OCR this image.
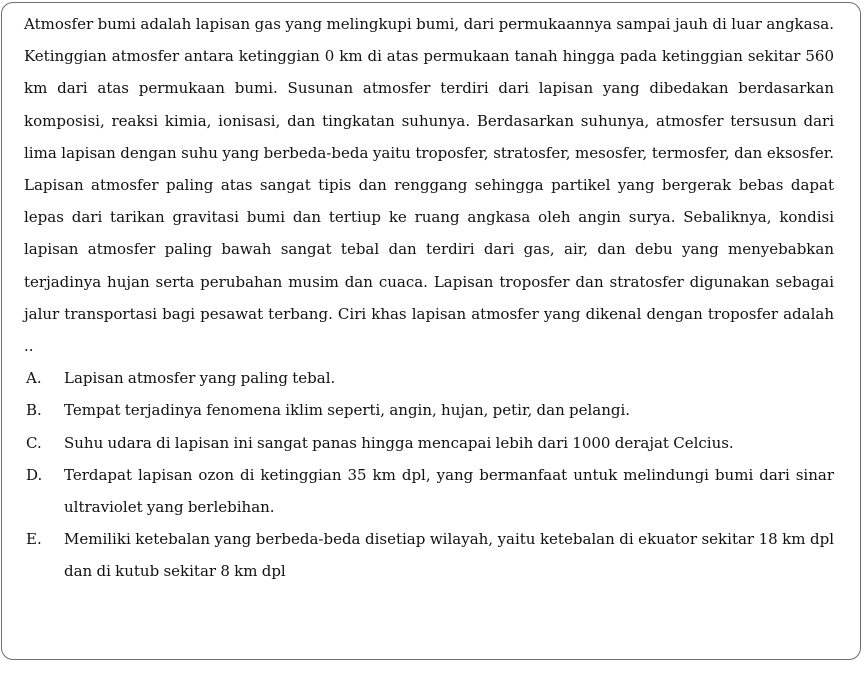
Atmosfer bumi adalah lapisan gas yang melingkupi bumi, dari permukaannya sampai jauh di luar angkasa. Ketinggian atmosfer antara ketinggian 0 km di atas permukaan tanah hingga pada ketinggian sekitar 560 km dari atas permukaan bumi. Susunan atmosfer terdiri dari lapisan yang dibedakan berdasarkan komposisi, reaksi kimia, ionisasi, dan tingkatan suhunya. Berdasarkan suhunya, atmosfer tersusun dari lima lapisan dengan suhu yang berbeda-beda yaitu troposfer, stratosfer, mesosfer, termosfer, dan eksosfer. Lapisan atmosfer paling atas sangat tipis dan renggang sehingga partikel yang bergerak bebas dapat lepas dari tarikan gravitasi bumi dan tertiup ke ruang angkasa oleh angin surya. Sebaliknya, kondisi lapisan atmosfer paling bawah sangat tebal dan terdiri dari gas, air, dan debu yang menyebabkan terjadinya hujan serta perubahan musim dan cuaca. Lapisan troposfer dan stratosfer digunakan sebagai jalur transportasi bagi pesawat terbang. Ciri khas lapisan atmosfer yang dikenal dengan troposfer adalah ..

A.	Lapisan atmosfer yang paling tebal.
B.	Tempat terjadinya fenomena iklim seperti, angin, hujan, petir, dan pelangi.
C.	Suhu udara di lapisan ini sangat panas hingga mencapai lebih dari 1000 derajat Celcius.
D.	Terdapat lapisan ozon di ketinggian 35 km dpl, yang bermanfaat untuk melindungi bumi dari sinar ultraviolet yang berlebihan.
E.	Memiliki ketebalan yang berbeda-beda disetiap wilayah, yaitu ketebalan di ekuator sekitar 18 km dpl dan di kutub sekitar 8 km dpl
